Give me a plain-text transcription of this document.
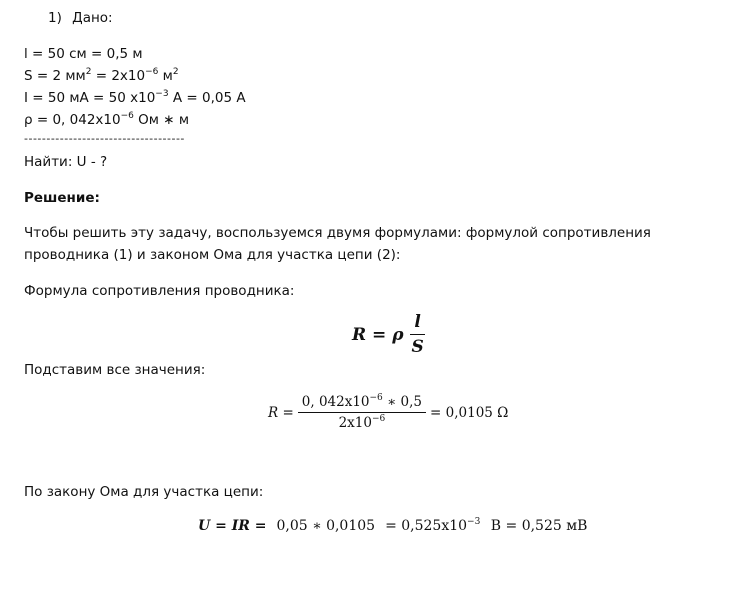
1) Дано:
l = 50 см = 0,5 м
S = 2 $мм^2 = 2x10^{-6}$ $м^2$
I = 50 мА = 50 $x10^{-3}$ А = 0,05 А
ρ = 0, $042x10^{-6}$ Ом ∗ м
------------------------------------
Найти: U - ?
Решение:
Чтобы решить эту задачу, воспользуемся двумя формулами: формулой сопротивления
проводника (1) и законом Ома для участка цепи (2):
Формула сопротивления проводника:
R = ρ $\frac{l}{S}$
Подставим все значения:
$R = \frac{0, 042x10^{-6} ∗ 0,5}{2x10^{-6}} = 0,0105$ Ω
По закону Ома для участка цепи:
U = IR = 0,05 ∗ $0,0105 = 0,525x10^{-3}$ В = 0,525 мВ
